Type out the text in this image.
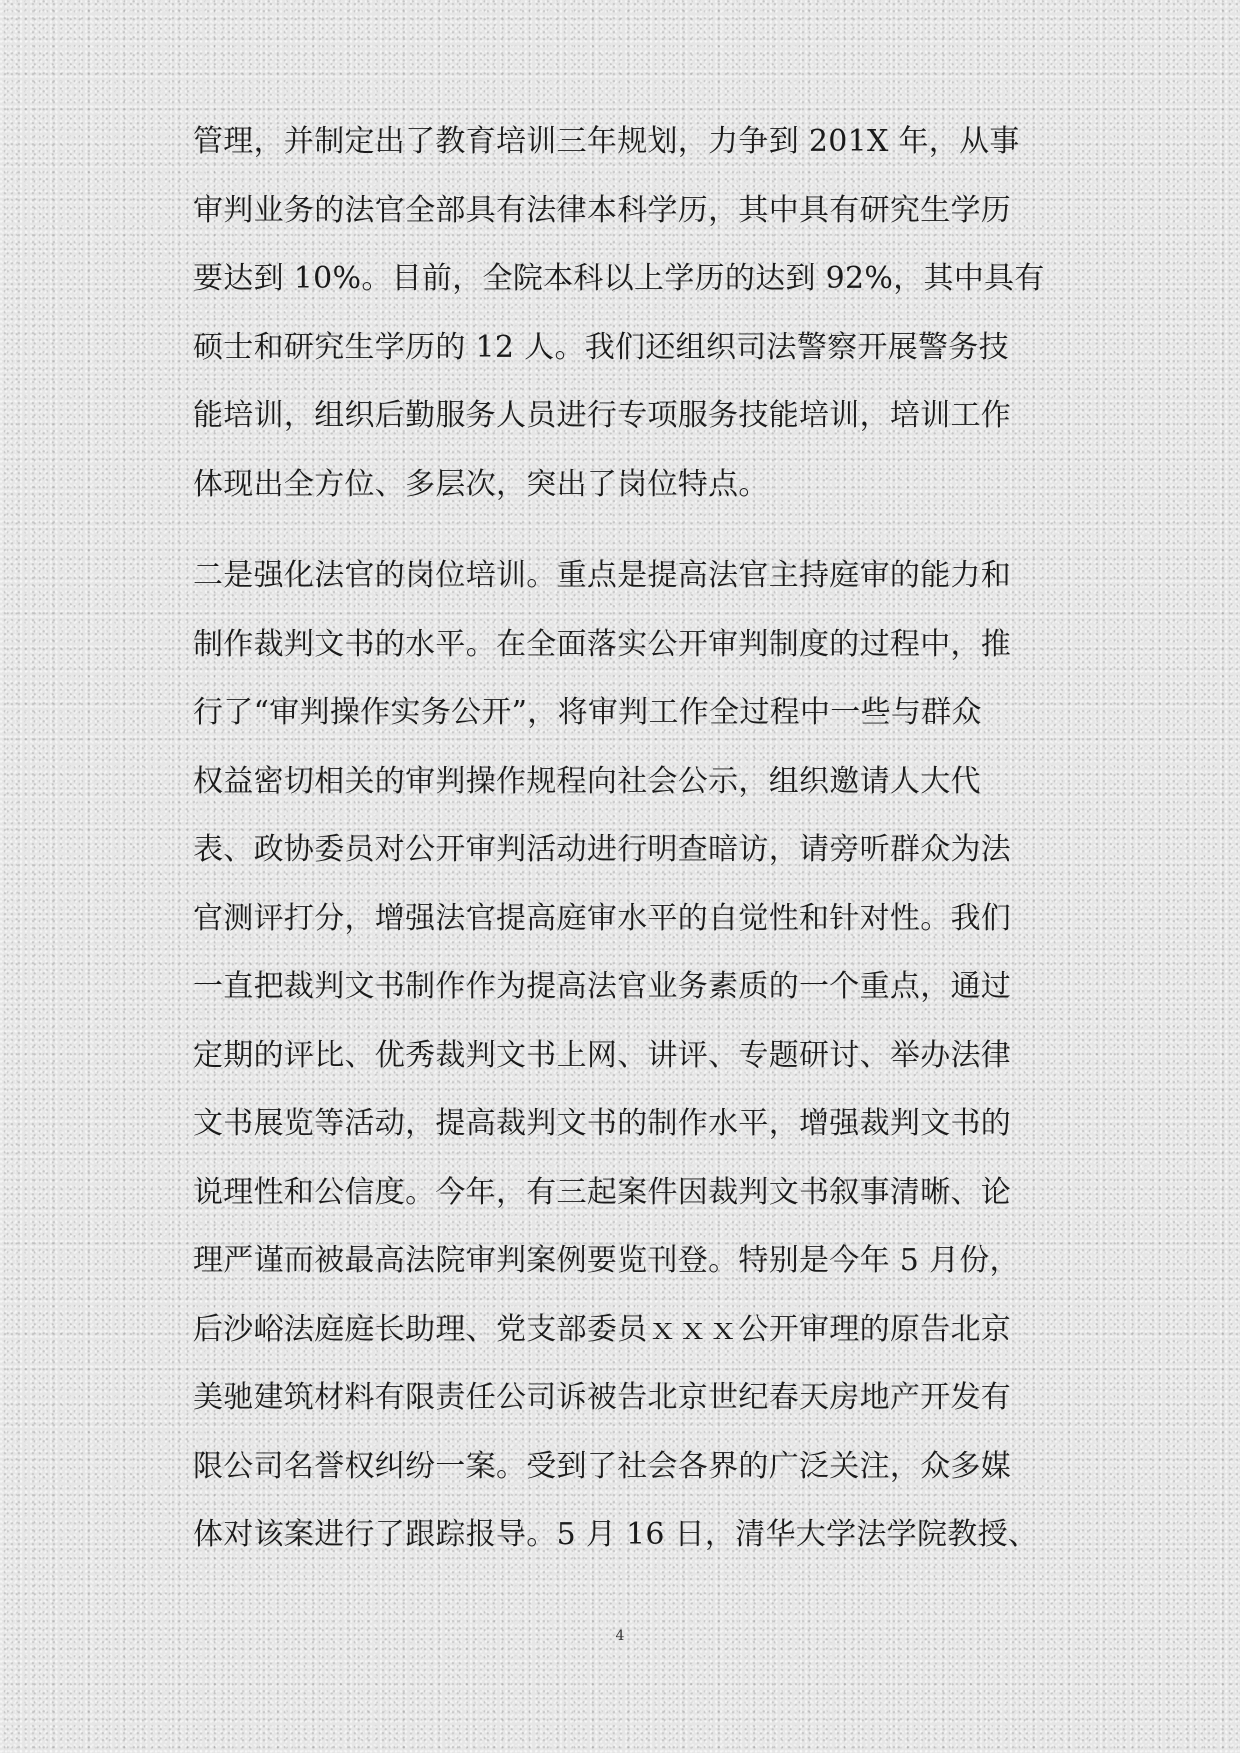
管理，并制定出了教育培训三年规划，力争到 201X 年，从事
审判业务的法官全部具有法律本科学历，其中具有研究生学历
要达到 10%。目前，全院本科以上学历的达到 92%，其中具有
硕士和研究生学历的 12 人。我们还组织司法警察开展警务技
能培训，组织后勤服务人员进行专项服务技能培训，培训工作
体现出全方位、多层次，突出了岗位特点。
二是强化法官的岗位培训。重点是提高法官主持庭审的能力和
制作裁判文书的水平。在全面落实公开审判制度的过程中，推
行了“审判操作实务公开”，将审判工作全过程中一些与群众
权益密切相关的审判操作规程向社会公示，组织邀请人大代
表、政协委员对公开审判活动进行明查暗访，请旁听群众为法
官测评打分，增强法官提高庭审水平的自觉性和针对性。我们
一直把裁判文书制作作为提高法官业务素质的一个重点，通过
定期的评比、优秀裁判文书上网、讲评、专题研讨、举办法律
文书展览等活动，提高裁判文书的制作水平，增强裁判文书的
说理性和公信度。今年，有三起案件因裁判文书叙事清晰、论
理严谨而被最高法院审判案例要览刊登。特别是今年 5 月份，
后沙峪法庭庭长助理、党支部委员ｘｘｘ公开审理的原告北京
美驰建筑材料有限责任公司诉被告北京世纪春天房地产开发有
限公司名誉权纠纷一案。受到了社会各界的广泛关注，众多媒
体对该案进行了跟踪报导。5 月 16 日，清华大学法学院教授、
4
